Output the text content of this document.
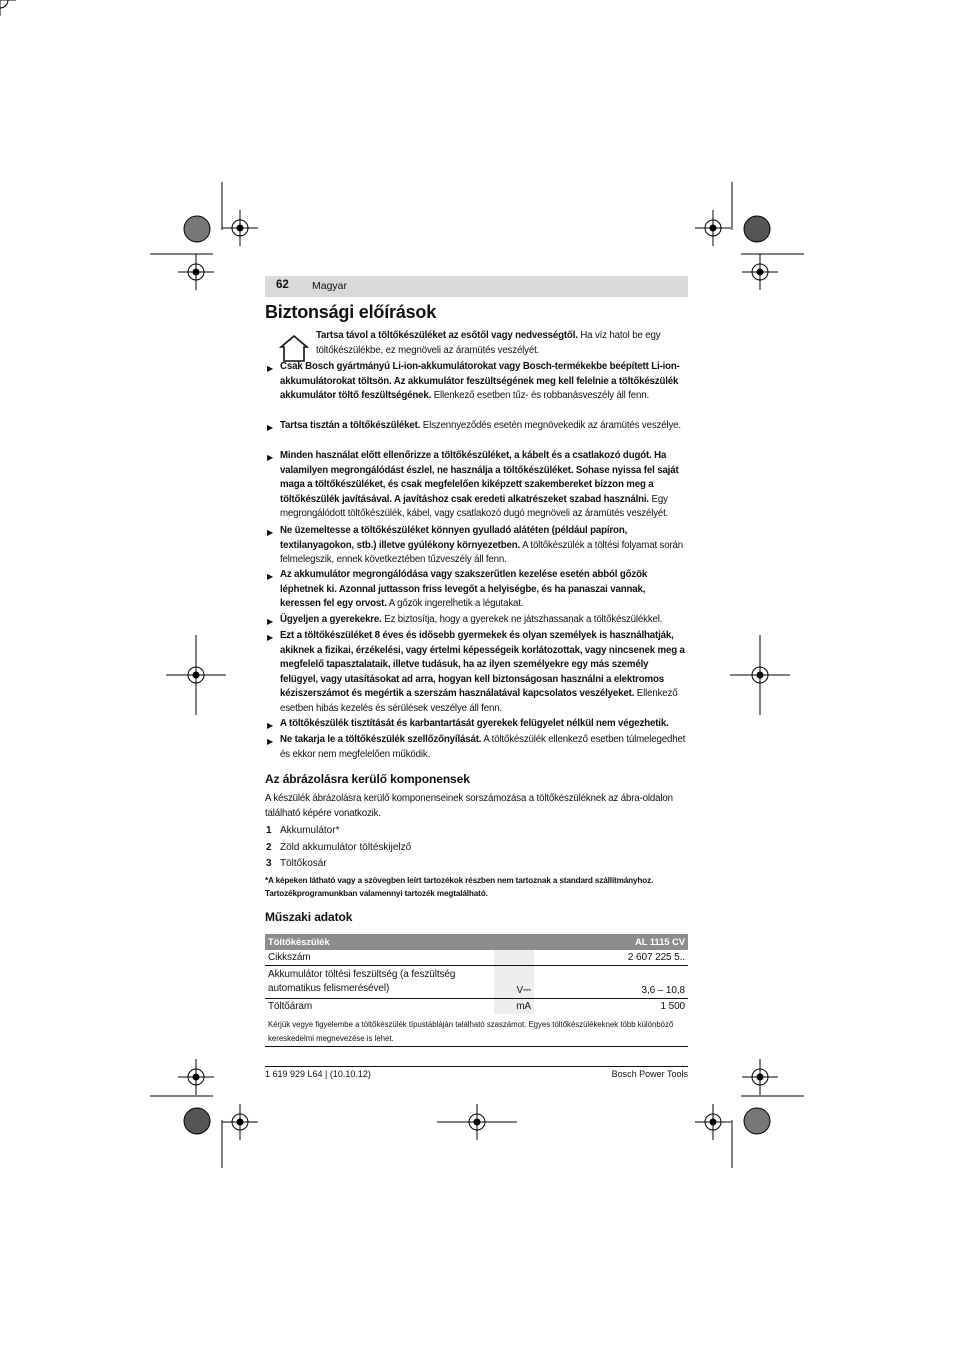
62 Magyar
Biztonsági előírások
Tartsa távol a töltőkészüléket az esőtől vagy nedvességtől. Ha víz hatol be egy töltőkészülékbe, ez megnöveli az áramütés veszélyét.
▶ Csak Bosch gyártmányú Li-ion-akkumulátorokat vagy Bosch-termékekbe beépített Li-ion-akkumulátorokat töltsön. Az akkumulátor feszültségének meg kell felelnie a töltőkészülék akkumulátor töltő feszültségének. Ellenkező esetben tűz- és robbanásveszély áll fenn.
▶ Tartsa tisztán a töltőkészüléket. Elszennyeződés esetén megnövekedik az áramütés veszélye.
▶ Minden használat előtt ellenőrizze a töltőkészüléket, a kábelt és a csatlakozó dugót. Ha valamilyen megrongálódást észlel, ne használja a töltőkészüléket. Sohase nyissa fel saját maga a töltőkészüléket, és csak megfelelően kiképzett szakembereket bízzon meg a töltőkészülék javításával. A javításhoz csak eredeti alkatrészeket szabad használni. Egy megrongálódott töltőkészülék, kábel, vagy csatlakozó dugó megnöveli az áramütés veszélyét.
▶ Ne üzemeltesse a töltőkészüléket könnyen gyulladó alátéten (például papíron, textilanyagokon, stb.) illetve gyúlékony környezetben. A töltőkészülék a töltési folyamat során felmelegszik, ennek következtében tűzveszély áll fenn.
▶ Az akkumulátor megrongálódása vagy szakszerűtlen kezelése esetén abból gőzök léphetnek ki. Azonnal juttasson friss levegőt a helyiségbe, és ha panaszai vannak, keressen fel egy orvost. A gőzök ingerelhetik a légutakat.
▶ Ügyeljen a gyerekekre. Ez biztosítja, hogy a gyerekek ne játszhassanak a töltőkészülékkel.
▶ Ezt a töltőkészüléket 8 éves és idősebb gyermekek és olyan személyek is használhatják, akiknek a fizikai, érzékelési, vagy értelmi képességeik korlátozottak, vagy nincsenek meg a megfelelő tapasztalataik, illetve tudásuk, ha az ilyen személyekre egy más személy felügyel, vagy utasításokat ad arra, hogyan kell biztonságosan használni a elektromos kéziszerszámot és megértik a szerszám használatával kapcsolatos veszélyeket. Ellenkező esetben hibás kezelés és sérülések veszélye áll fenn.
▶ A töltőkészülék tisztítását és karbantartását gyerekek felügyelet nélkül nem végezhetik.
▶ Ne takarja le a töltőkészülék szellőzőnyílását. A töltőkészülék ellenkező esetben túlmelegedhet és ekkor nem megfelelően működik.
Az ábrázolásra kerülő komponensek
A készülék ábrázolásra kerülő komponenseinek sorszámozása a töltőkészüléknek az ábra-oldalon található képére vonatkozik.
1 Akkumulátor*
2 Zöld akkumulátor töltéskijelző
3 Töltőkosár
*A képeken látható vagy a szövegben leírt tartozékok részben nem tartoznak a standard szállítmányhoz. Tartozékprogramunkban valamennyi tartozék megtalálható.
Műszaki adatok
Töltőkészülék		AL 1115 CV
Cikkszám		2 607 225 5..
Akkumulátor töltési feszültség (a feszültség automatikus felismerésével)	V⎓	3,6 – 10,8
Töltőáram	mA	1 500
Kérjük vegye figyelembe a töltőkészülék típustábláján található szaszámot. Egyes töltőkészülékeknek több különböző kereskedelmi megnevezése is lehet.
1 619 929 L64 | (10.10.12)	Bosch Power Tools
